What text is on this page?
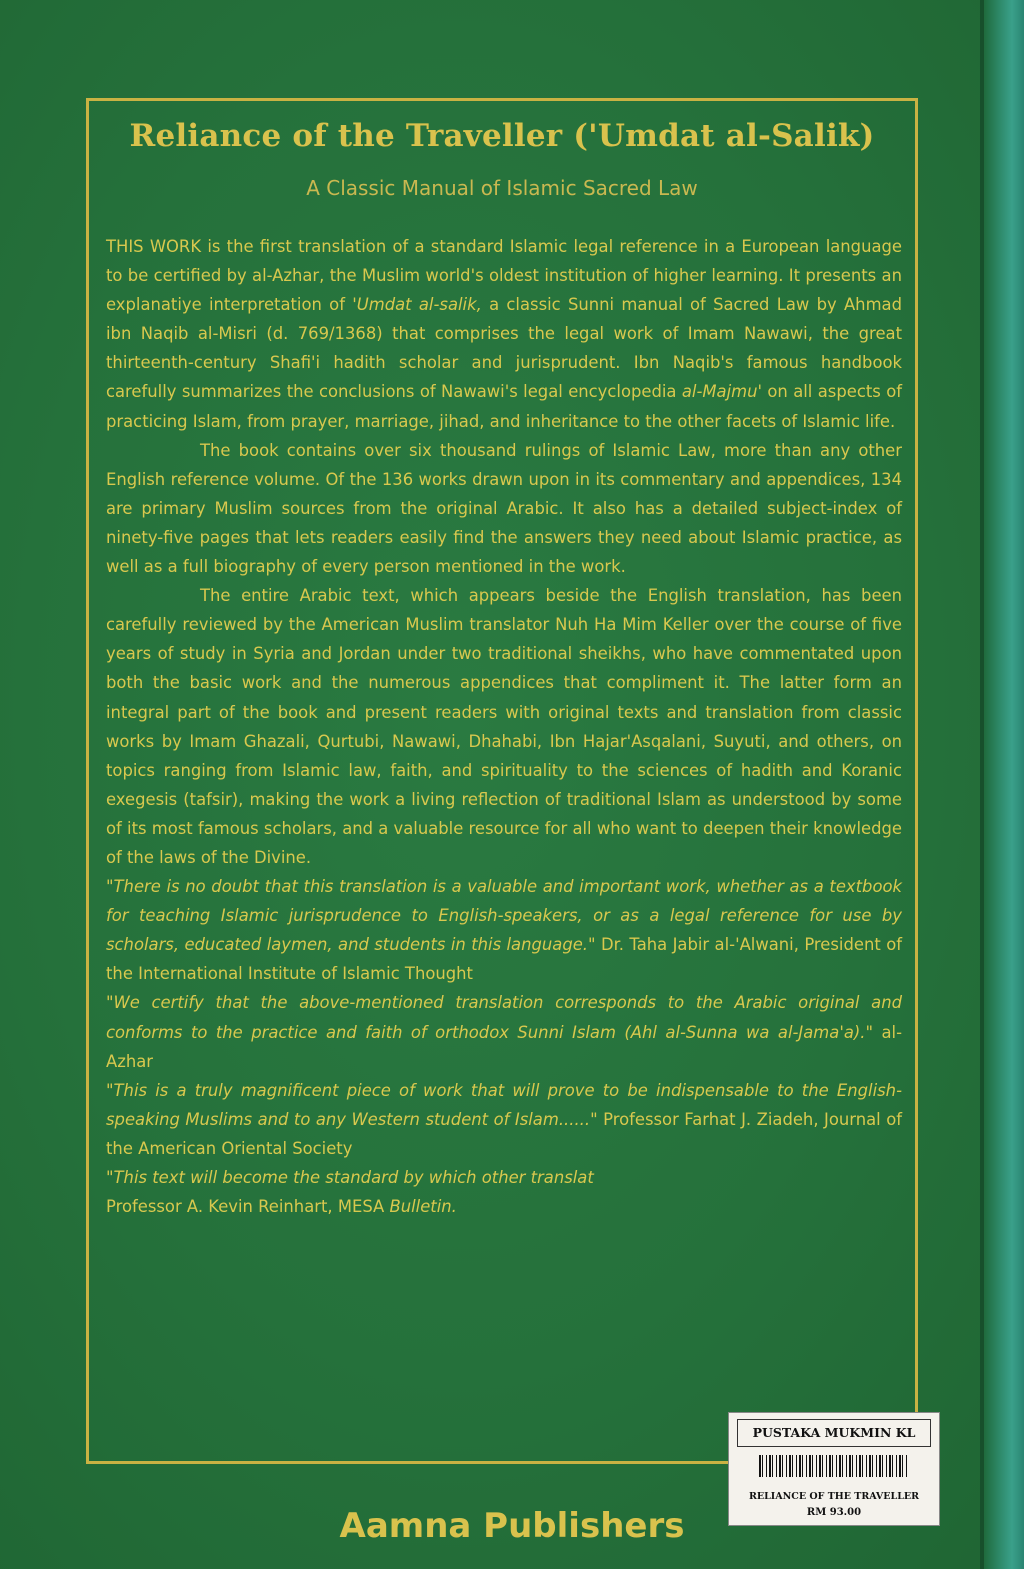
Reliance of the Traveller ('Umdat al-Salik)
A Classic Manual of Islamic Sacred Law

THIS WORK is the first translation of a standard Islamic legal reference in a European language to be certified by al-Azhar, the Muslim world's oldest institution of higher learning. It presents an explanatiye interpretation of 'Umdat al-salik, a classic Sunni manual of Sacred Law by Ahmad ibn Naqib al-Misri (d. 769/1368) that comprises the legal work of Imam Nawawi, the great thirteenth-century Shafi'i hadith scholar and jurisprudent. Ibn Naqib's famous handbook carefully summarizes the conclusions of Nawawi's legal encyclopedia al-Majmu' on all aspects of practicing Islam, from prayer, marriage, jihad, and inheritance to the other facets of Islamic life.

The book contains over six thousand rulings of Islamic Law, more than any other English reference volume. Of the 136 works drawn upon in its commentary and appendices, 134 are primary Muslim sources from the original Arabic. It also has a detailed subject-index of ninety-five pages that lets readers easily find the answers they need about Islamic practice, as well as a full biography of every person mentioned in the work.

The entire Arabic text, which appears beside the English translation, has been carefully reviewed by the American Muslim translator Nuh Ha Mim Keller over the course of five years of study in Syria and Jordan under two traditional sheikhs, who have commentated upon both the basic work and the numerous appendices that compliment it. The latter form an integral part of the book and present readers with original texts and translation from classic works by Imam Ghazali, Qurtubi, Nawawi, Dhahabi, Ibn Hajar'Asqalani, Suyuti, and others, on topics ranging from Islamic law, faith, and spirituality to the sciences of hadith and Koranic exegesis (tafsir), making the work a living reflection of traditional Islam as understood by some of its most famous scholars, and a valuable resource for all who want to deepen their knowledge of the laws of the Divine.

"There is no doubt that this translation is a valuable and important work, whether as a textbook for teaching Islamic jurisprudence to English-speakers, or as a legal reference for use by scholars, educated laymen, and students in this language." Dr. Taha Jabir al-'Alwani, President of the International Institute of Islamic Thought

"We certify that the above-mentioned translation corresponds to the Arabic original and conforms to the practice and faith of orthodox Sunni Islam (Ahl al-Sunna wa al-Jama'a)." al-Azhar

"This is a truly magnificent piece of work that will prove to be indispensable to the English-speaking Muslims and to any Western student of Islam......" Professor Farhat J. Ziadeh, Journal of the American Oriental Society

"This text will become the standard by which other translat
Professor A. Kevin Reinhart, MESA Bulletin.

PUSTAKA MUKMIN KL
RELIANCE OF THE TRAVELLER
RM 93.00
Aamna Publishers
